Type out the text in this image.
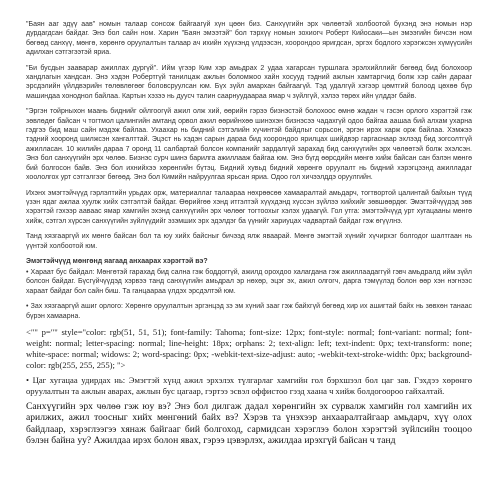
"Баян ааг эдүү аав" номын талаар сонсож байгаагүй хүн цөөн биз. Санхүүгийн эрх чөлөөтэй холбоотой бүхэнд энэ номын нэр дурдагдсан байдаг. Энэ бол сайн ном. Харин "Баян эмээтэй" бол тэрхүү номын зохиогч Роберт Кийосаки—ын эмээгийн бичсэн ном бөгөөд санхүү, мөнгө, хөрөнгө оруулалтын талаар ач ихийн хүүхэнд үлдээсэн, хоорондоо яригдсан, эргэх бодлого хэрэгжсэн хүмүүсийн адилхан сэтгэгээтэй яриа.

"Би бусдын зааварар ажиллах дургүй". Ийм үгээр Ким хэр амьдрах 2 удаа хагарсан туршлага эрэлхийллийг бөгөөд бид болохоор хандлагын хандсан. Энэ хэдэн Робертгүй танилцаж ажлын боломжоо хайн хосууд тэдний ажлын хамтаргчид болж хэр сайн дарааг эрсдэлийн үйлдвэрийн төлөвлөгөөг боловсруулсан юм. Бүх зүйл амархан байгаагүй. Тэд удалгүй хэгээр цөмтгий болоод цөхөө бүр машиндаа хоноднол байлаа. Картын хэзээ нь дуусч талин саарнуудаараа ямар ч зүйлгүй, хэлээ төрөх ийн үлддэг байв.

"Эргэн тойрныхон маань биднийг ойлгоогүй ажил олж хий, өөрийн гэрээ бизнэстэй болохоос өмнө жадан ч гэсэн орлого хэрэгтэй гэж зөвлөдөг байсан ч тогтмол цалингийн амтанд орвол ажил өөрийнхөө шинэхэн бизнэсээ чадахгүй одоо байгаа аашаа бий алхам ухарна гэдгээ бид маш сайн мэдэж байлаа. Ухаахар нь бидний сэтгэлийн хүчинтэй байдлыг сорьсон, эргэн ирэх харж орж байлаа. Хэмжээ тэдний хооронд шилжсэн хангалттай. Эцэст нь хэдэн сарын дараа бид хоорондоо ярилцах шийдвэр гаргаснаар эхлээд бид зогсолтгүй ажилласан. 10 жилийн дараа 7 оронд 11 салбартай болсон компанийг зардалгүй зарахад бид санхүүгийн эрх чөлөөтэй болж эхэлсэн. Энэ бол санхүүгийн эрх чөлөө. Бизнэс сурч шинэ барилга ажиллааж байгаа юм. Энэ бүгд өөрсдийн мөнгө хийж байсан сан бэлэн мөнгө бий болгосон байв. Энэ бол ихнийхээ хөрөнгийн бүтэц. Бидний хувьд бидний хөрөнгө оруулалт нь бидний хэрэгцээнд ажилладаг хоололгох урт сэтгэлгээг бөгөөд. Энэ бол Кимийн найруулгаа ярьсан яриа. Одоо гол хичээлддэ оруулгийн.

Ихэнх эмэгтэйчүүд гэрлэлтийн урьдах орж, материаллаг талаараа нөхрөөсөө хамааралтай амьдарч, тогтвортой цалинтай байхын түүд үзэн ядаг ажлаа хуулж хийх сэтгэлтэй байдаг. Өөрийгөө хэнд итгэлтэй хүүхдэнд хүссэн зүйлээ хийхийг зөвшөөрдөг. Эмэгтэйчүүдэд зөв хэрэгтэй гэхээр ааваас ямар хамгийн эхэнд санхүүгийн эрх чөлөөг тогтоохыг хэлэх удаагүй. Гол утга: эмэгтэйчүүд урт хугацааны мөнгө хийж, сэтгэл хүрсэн санхүүгийн зүйлүүдийг эзэмших эрх эдэлдэг ба үүнийг хариуцах чадвартай байдаг гэж өгүүлнэ.

Танд хязгааргүй их мөнгө байсан бол та юу хийх байсныг бичээд ялж яваарай. Мөнгө эмэгтэй хүнийг хүчирхэг болгодог шалтгаан нь үүнтэй холбоотой юм.

Эмэгтэйчүүд мөнгөнд яагаад анхаарах хэрэгтэй вэ?

• Хараат бус байдал: Мөнгөтэй гарахад бид сална гэж боддоггүй, ажилд орохдоо халагдана гэж ажиллаадаггүй гэвч амьдралд ийм зүйл болсон байдаг. Бүсгүйчүүдэд хэрвээ танд санхүүгийн амьдрал эр нөхөр, эцэг эх, ажил олгогч, дарга тэмүүлэд болон өөр хэн нэгнээс хараат байдаг бол сайн биш. Та ганцаараа үлдэх эрсдэлтэй юм.

• Зах хязгааргүй ашиг орлого: Хөрөнгө оруулалтын эргэнцэд зэ эм хүний зааг гэж байхгүй бөгөөд хир их ашигтай байх нь зөвхөн танаас бүрэн хамаарна.

<"" p="" style="color: rgb(51, 51, 51); font-family: Tahoma; font-size: 12px; font-style: normal; font-variant: normal; font-weight: normal; letter-spacing: normal; line-height: 18px; orphans: 2; text-align: left; text-indent: 0px; text-transform: none; white-space: normal; widows: 2; word-spacing: 0px; -webkit-text-size-adjust: auto; -webkit-text-stroke-width: 0px; background-color: rgb(255, 255, 255); ">

• Цаг хугацаа удирдах нь: Эмэгтэй хүнд ажил эрхэлэх түлгарлаг хамгийн гол бэрхшээл бол цаг зав. Гэхдээ хөрөнгө оруулалтын та ажлын аварах, ажлын бус цагаар, гэртээ эсвэл оффистоо гээд хаана ч хийж болдогоороо гайхалтай.

Санхүүгийн эрх чөлөө гэж юу вэ? Энэ бол дилгаж дадал хөрөнгийн эх сурвалж хамгийн гол хамгийн их арилжих, ажил тоосныг хийх мөнгөний байх вэ? Хэрэв та үнэхээр анхааралтайгаар амьдарч, хүү олох байдлаар, хэрэглээгээ хянаж байгааг бий болгоход, сармидсан хэрэглээ болон хэрэгтэй зүйлсийн тооцоо бэлэн байна уу? Ажилдаа ирэх болон явах, гэрээ цэвэрлэх, ажилдаа ирэхгүй байсан ч танд
